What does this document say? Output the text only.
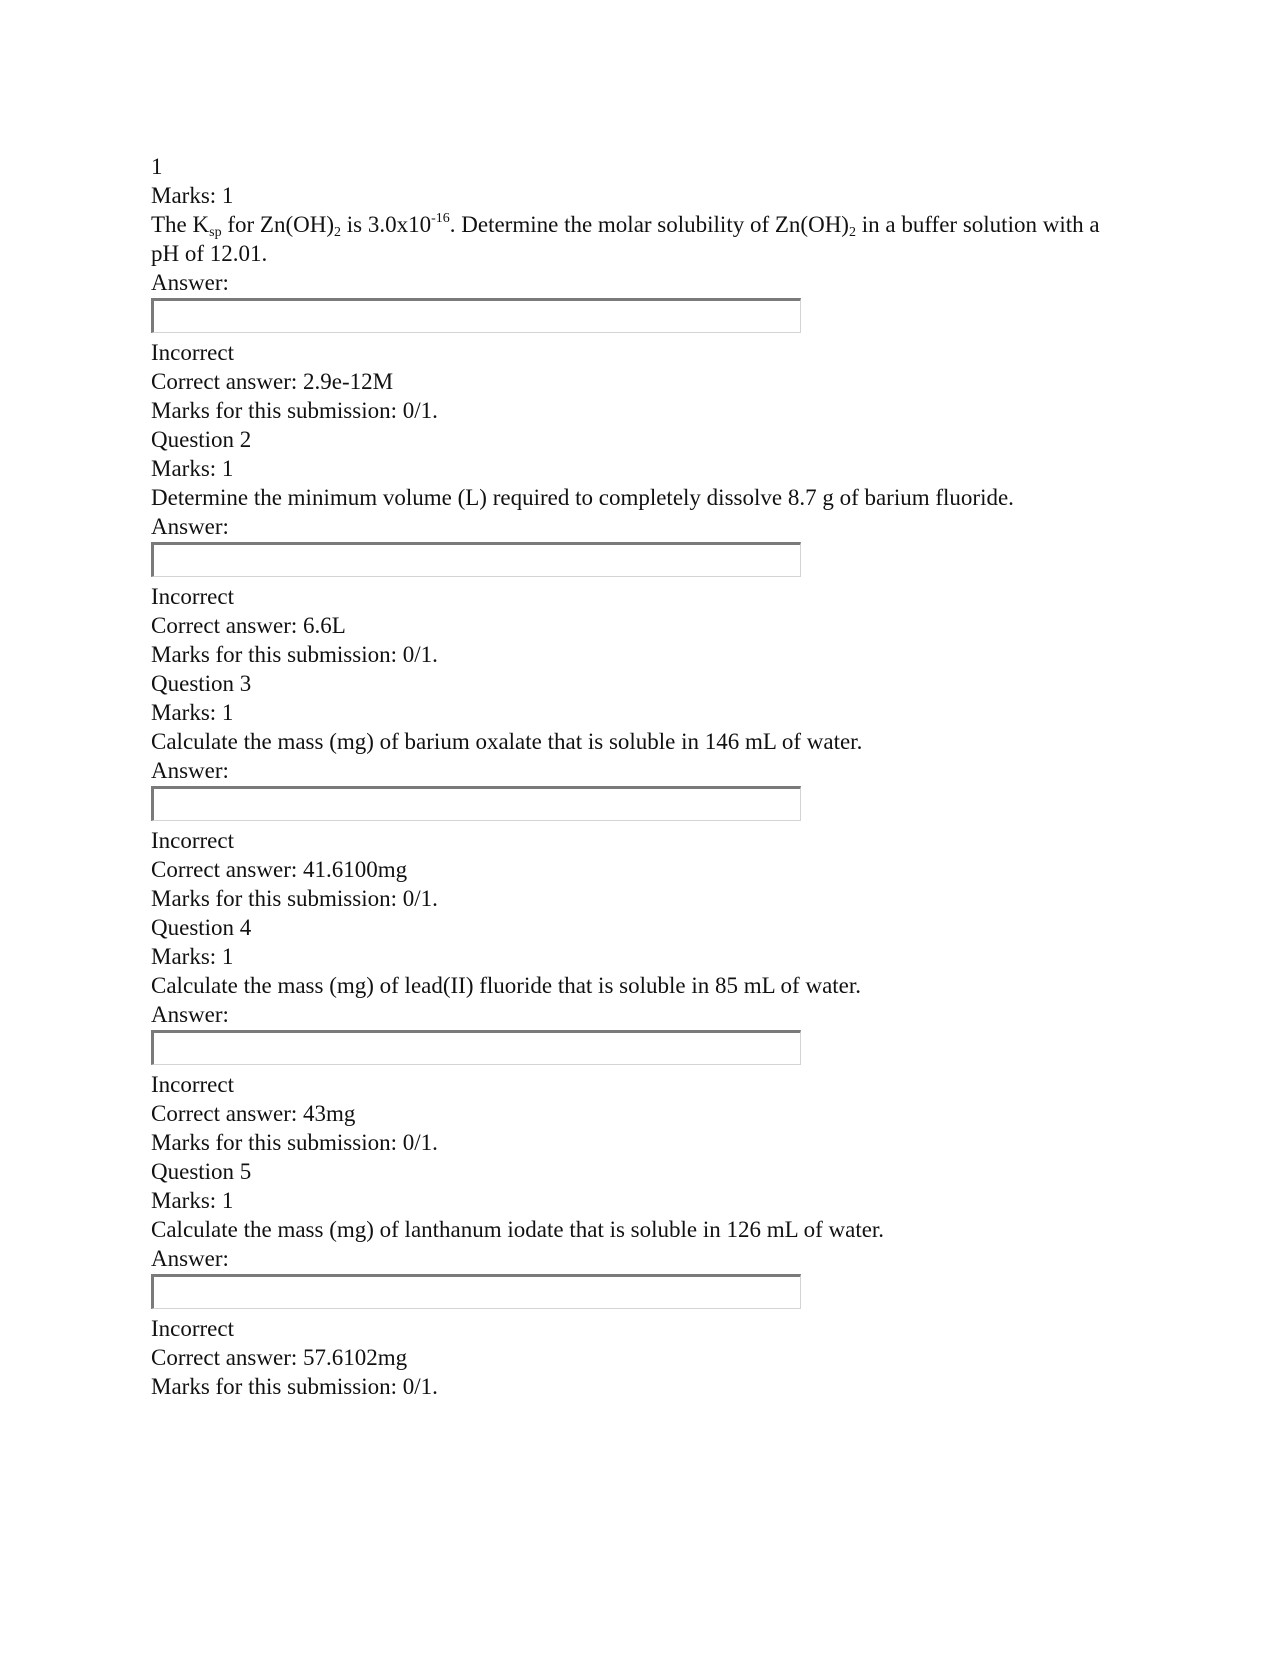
1
Marks: 1
The $K_{sp}$ for $Zn(OH)_2$ is $3.0x10^{-16}$. Determine the molar solubility of $Zn(OH)_2$ in a buffer solution with a pH of 12.01.
Answer:
Incorrect
Correct answer: 2.9e-12M
Marks for this submission: 0/1.
Question 2
Marks: 1
Determine the minimum volume (L) required to completely dissolve 8.7 g of barium fluoride.
Answer:
Incorrect
Correct answer: 6.6L
Marks for this submission: 0/1.
Question 3
Marks: 1
Calculate the mass (mg) of barium oxalate that is soluble in 146 mL of water.
Answer:
Incorrect
Correct answer: 41.6100mg
Marks for this submission: 0/1.
Question 4
Marks: 1
Calculate the mass (mg) of lead(II) fluoride that is soluble in 85 mL of water.
Answer:
Incorrect
Correct answer: 43mg
Marks for this submission: 0/1.
Question 5
Marks: 1
Calculate the mass (mg) of lanthanum iodate that is soluble in 126 mL of water.
Answer:
Incorrect
Correct answer: 57.6102mg
Marks for this submission: 0/1.
